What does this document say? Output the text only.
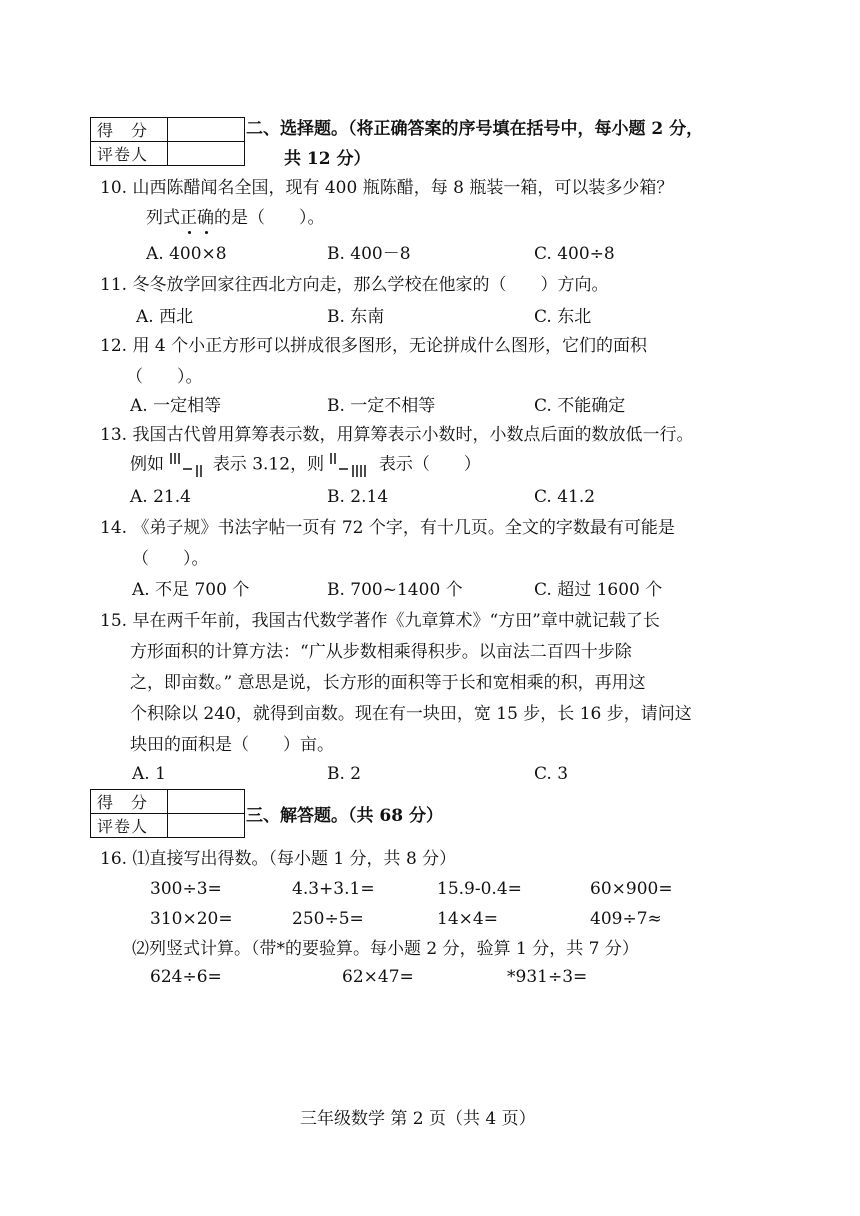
得　分	
评卷人	
二、选择题。（将正确答案的序号填在括号中，每小题 2 分，
共 12 分）
10. 山西陈醋闻名全国，现有 400 瓶陈醋，每 8 瓶装一箱，可以装多少箱？
列式正确的是（　　）。
A. 400×8	B. 400－8	C. 400÷8
11. 冬冬放学回家往西北方向走，那么学校在他家的（　　）方向。
A. 西北	B. 东南	C. 东北
12. 用 4 个小正方形可以拼成很多图形，无论拼成什么图形，它们的面积
（　　）。
A. 一定相等	B. 一定不相等	C. 不能确定
13. 我国古代曾用算筹表示数，用算筹表示小数时，小数点后面的数放低一行。
例如	表示 3.12，则	表示（　　）
A. 21.4	B. 2.14	C. 41.2
14. 《弟子规》书法字帖一页有 72 个字，有十几页。全文的字数最有可能是
（　　）。
A. 不足 700 个	B. 700~1400 个	C. 超过 1600 个
15. 早在两千年前，我国古代数学著作《九章算术》“方田”章中就记载了长
方形面积的计算方法：“广从步数相乘得积步。以亩法二百四十步除
之，即亩数。” 意思是说，长方形的面积等于长和宽相乘的积，再用这
个积除以 240，就得到亩数。现在有一块田，宽 15 步，长 16 步，请问这
块田的面积是（　　）亩。
A. 1	B. 2	C. 3
得　分	
评卷人	
三、解答题。（共 68 分）
16. ⑴直接写出得数。（每小题 1 分，共 8 分）
300÷3=	4.3+3.1=	15.9-0.4=	60×900=
310×20=	250÷5=	14×4=	409÷7≈
⑵列竖式计算。（带*的要验算。每小题 2 分，验算 1 分，共 7 分）
624÷6=	62×47=	*931÷3=
三年级数学 第 2 页（共 4 页）
